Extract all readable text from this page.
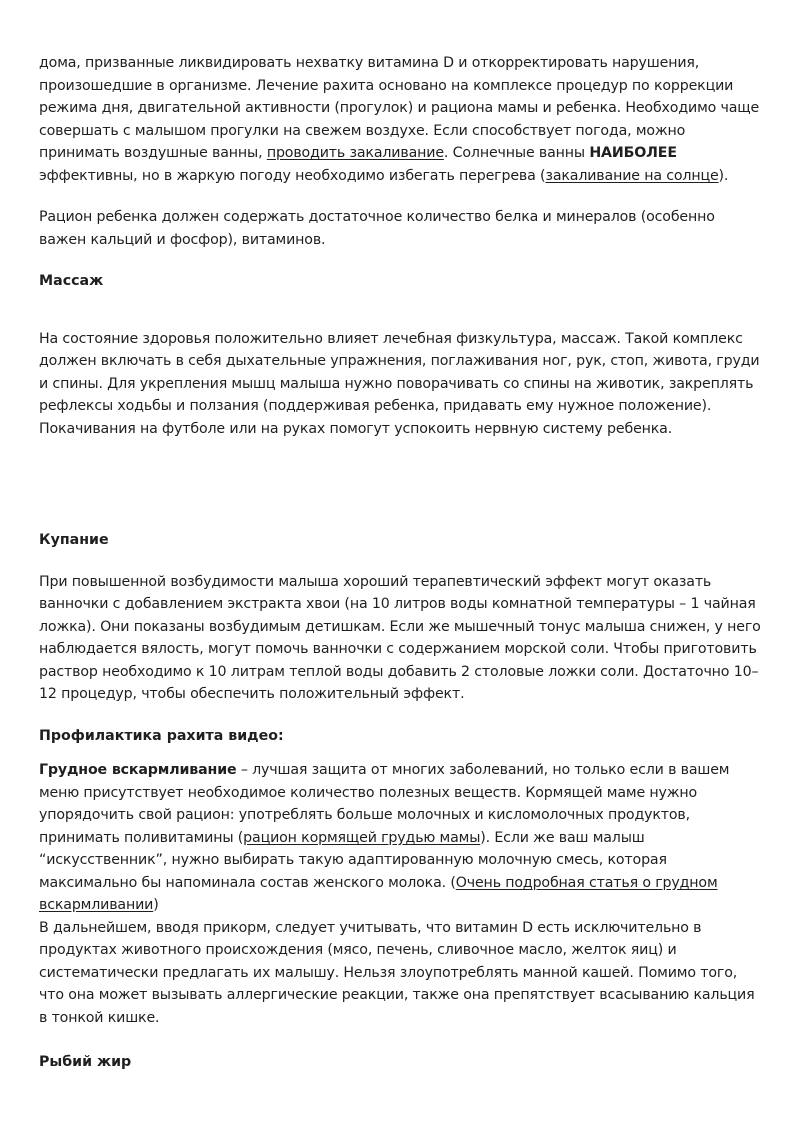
дома, призванные ликвидировать нехватку витамина D и откорректировать нарушения, произошедшие в организме. Лечение рахита основано на комплексе процедур по коррекции режима дня, двигательной активности (прогулок) и рациона мамы и ребенка. Необходимо чаще совершать с малышом прогулки на свежем воздухе. Если способствует погода, можно принимать воздушные ванны, проводить закаливание. Солнечные ванны НАИБОЛЕЕ эффективны, но в жаркую погоду необходимо избегать перегрева (закаливание на солнце).

Рацион ребенка должен содержать достаточное количество белка и минералов (особенно важен кальций и фосфор), витаминов.

Массаж

На состояние здоровья положительно влияет лечебная физкультура, массаж. Такой комплекс должен включать в себя дыхательные упражнения, поглаживания ног, рук, стоп, живота, груди и спины. Для укрепления мышц малыша нужно поворачивать со спины на животик, закреплять рефлексы ходьбы и ползания (поддерживая ребенка, придавать ему нужное положение). Покачивания на футболе или на руках помогут успокоить нервную систему ребенка.

Купание

При повышенной возбудимости малыша хороший терапевтический эффект могут оказать ванночки с добавлением экстракта хвои (на 10 литров воды комнатной температуры – 1 чайная ложка). Они показаны возбудимым детишкам. Если же мышечный тонус малыша снижен, у него наблюдается вялость, могут помочь ванночки с содержанием морской соли. Чтобы приготовить раствор необходимо к 10 литрам теплой воды добавить 2 столовые ложки соли. Достаточно 10–12 процедур, чтобы обеспечить положительный эффект.

Профилактика рахита видео:

Грудное вскармливание – лучшая защита от многих заболеваний, но только если в вашем меню присутствует необходимое количество полезных веществ. Кормящей маме нужно упорядочить свой рацион: употреблять больше молочных и кисломолочных продуктов, принимать поливитамины (рацион кормящей грудью мамы). Если же ваш малыш “искусственник”, нужно выбирать такую адаптированную молочную смесь, которая максимально бы напоминала состав женского молока. (Очень подробная статья о грудном вскармливании)

В дальнейшем, вводя прикорм, следует учитывать, что витамин D есть исключительно в продуктах животного происхождения (мясо, печень, сливочное масло, желток яиц) и систематически предлагать их малышу. Нельзя злоупотреблять манной кашей. Помимо того, что она может вызывать аллергические реакции, также она препятствует всасыванию кальция в тонкой кишке.

Рыбий жир
